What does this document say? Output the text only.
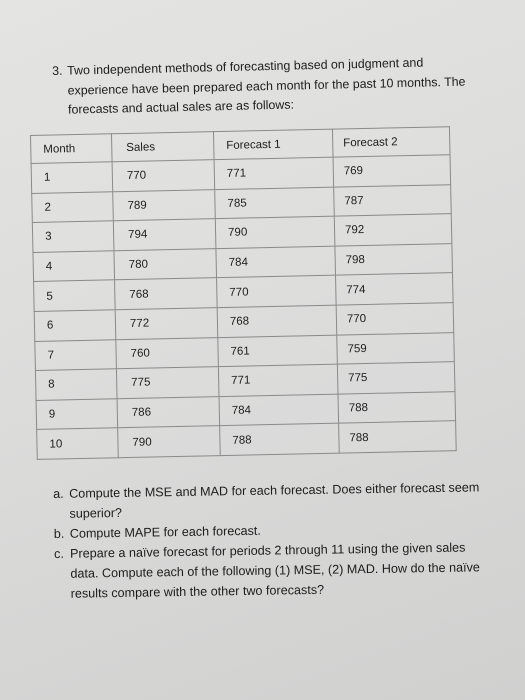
3. Two independent methods of forecasting based on judgment and
experience have been prepared each month for the past 10 months. The
forecasts and actual sales are as follows:
Month	Sales	Forecast 1	Forecast 2
1	770	771	769
2	789	785	787
3	794	790	792
4	780	784	798
5	768	770	774
6	772	768	770
7	760	761	759
8	775	771	775
9	786	784	788
10	790	788	788
a. Compute the MSE and MAD for each forecast. Does either forecast seem
superior?
b. Compute MAPE for each forecast.
c. Prepare a naïve forecast for periods 2 through 11 using the given sales
data. Compute each of the following (1) MSE, (2) MAD. How do the naïve
results compare with the other two forecasts?
